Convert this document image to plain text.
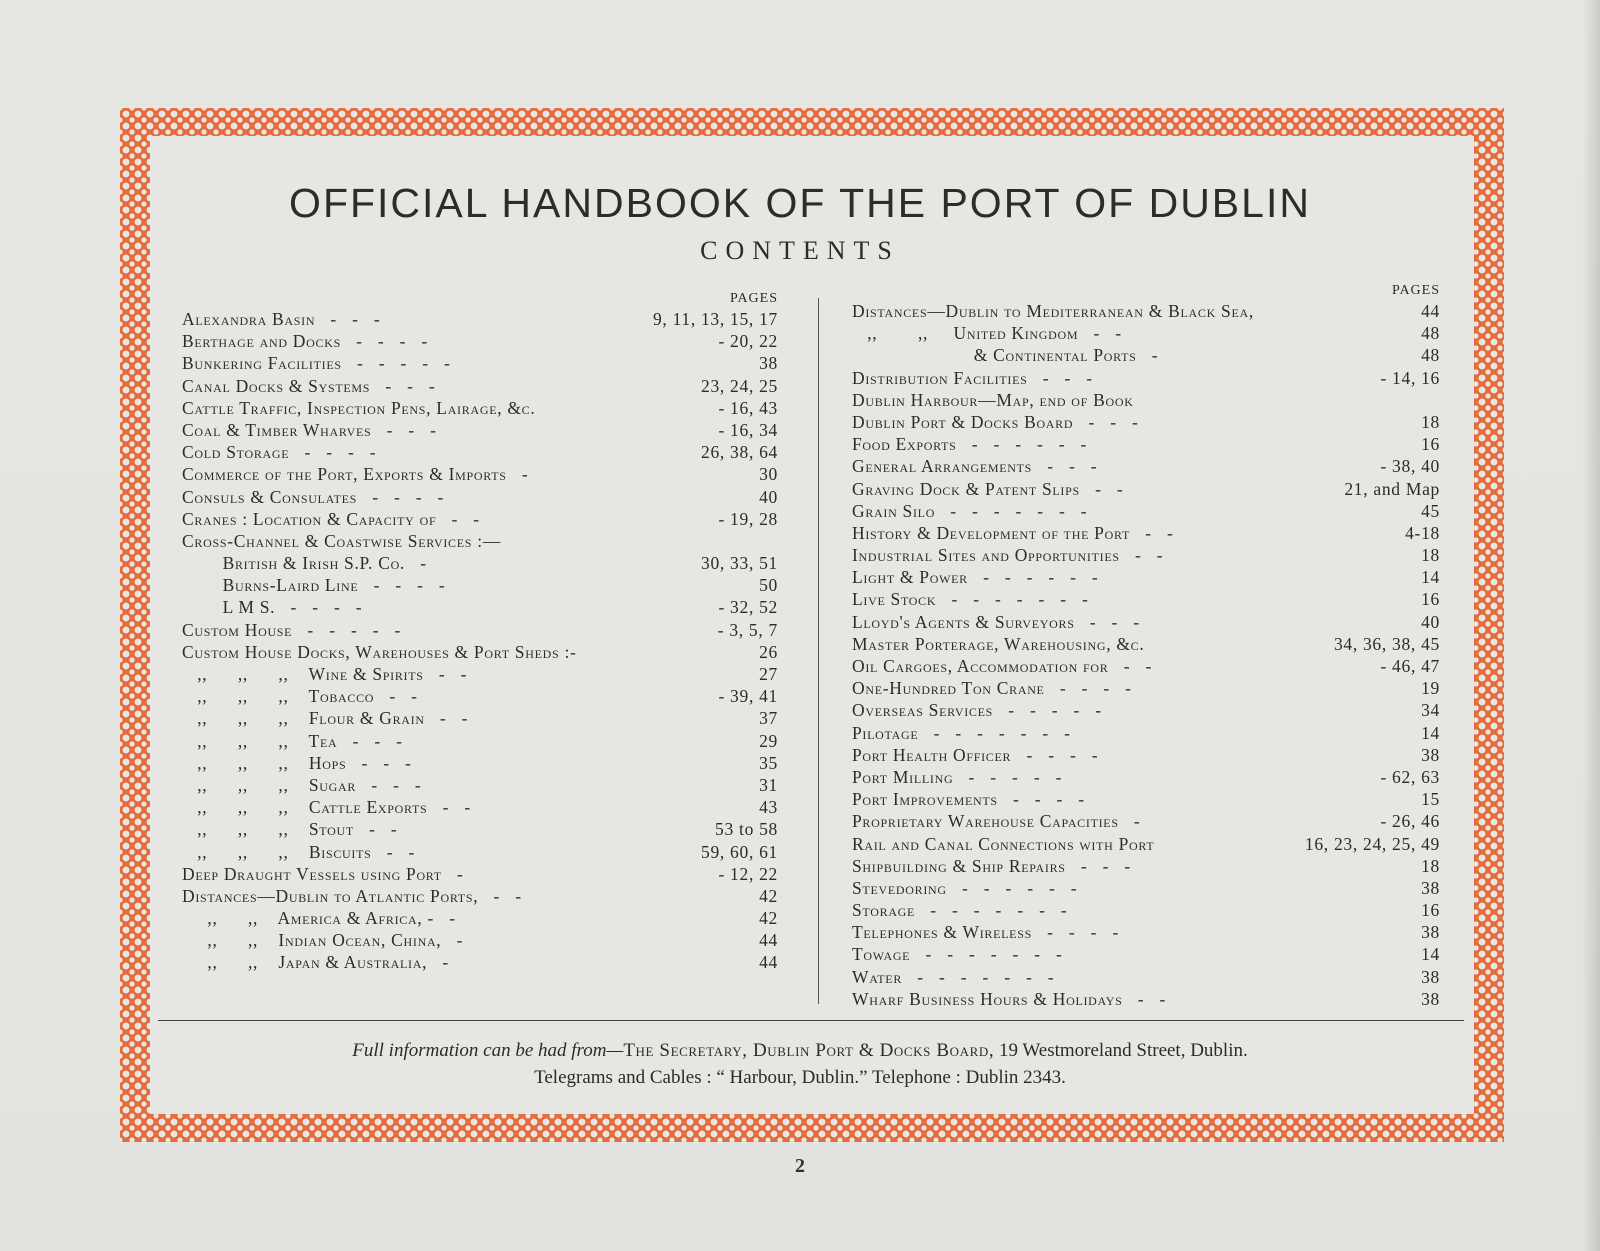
OFFICIAL HANDBOOK OF THE PORT OF DUBLIN
CONTENTS
PAGES
Alexandra Basin   -   -   -	9, 11, 13, 15, 17
Berthage and Docks   -   -   -   -	- 20, 22
Bunkering Facilities   -   -   -   -   -	38
Canal Docks & Systems   -   -   -	23, 24, 25
Cattle Traffic, Inspection Pens, Lairage, &c.	- 16, 43
Coal & Timber Wharves   -   -   -	- 16, 34
Cold Storage   -   -   -   -	26, 38, 64
Commerce of the Port, Exports & Imports   -	30
Consuls & Consulates   -   -   -   -	40
Cranes : Location & Capacity of   -   -	- 19, 28
Cross-Channel & Coastwise Services :—
British & Irish S.P. Co.   -	30, 33, 51
Burns-Laird Line   -   -   -   -	50
L M S.   -   -   -   -	- 32, 52
Custom House   -   -   -   -   -	- 3, 5, 7
Custom House Docks, Warehouses & Port Sheds :-	26
,,      ,,      ,,    Wine & Spirits   -   -	27
,,      ,,      ,,    Tobacco   -   -	- 39, 41
,,      ,,      ,,    Flour & Grain   -   -	37
,,      ,,      ,,    Tea   -   -   -	29
,,      ,,      ,,    Hops   -   -   -	35
,,      ,,      ,,    Sugar   -   -   -	31
,,      ,,      ,,    Cattle Exports   -   -	43
,,      ,,      ,,    Stout   -   -	53 to 58
,,      ,,      ,,    Biscuits   -   -	59, 60, 61
Deep Draught Vessels using Port   -	- 12, 22
Distances—Dublin to Atlantic Ports,   -   -	42
,,      ,,    America & Africa, -   -	42
,,      ,,    Indian Ocean, China,   -	44
,,      ,,    Japan & Australia,   -	44
PAGES
Distances—Dublin to Mediterranean & Black Sea,	44
,,        ,,     United Kingdom   -   -	48
& Continental Ports   -	48
Distribution Facilities   -   -   -	- 14, 16
Dublin Harbour—Map, end of Book
Dublin Port & Docks Board   -   -   -	18
Food Exports   -   -   -   -   -   -	16
General Arrangements   -   -   -	- 38, 40
Graving Dock & Patent Slips   -   -	21, and Map
Grain Silo   -   -   -   -   -   -   -	45
History & Development of the Port   -   -	4-18
Industrial Sites and Opportunities   -   -	18
Light & Power   -   -   -   -   -   -	14
Live Stock   -   -   -   -   -   -   -	16
Lloyd's Agents & Surveyors   -   -   -	40
Master Porterage, Warehousing, &c.	34, 36, 38, 45
Oil Cargoes, Accommodation for   -   -	- 46, 47
One-Hundred Ton Crane   -   -   -   -	19
Overseas Services   -   -   -   -   -	34
Pilotage   -   -   -   -   -   -   -	14
Port Health Officer   -   -   -   -	38
Port Milling   -   -   -   -   -	- 62, 63
Port Improvements   -   -   -   -	15
Proprietary Warehouse Capacities   -	- 26, 46
Rail and Canal Connections with Port	16, 23, 24, 25, 49
Shipbuilding & Ship Repairs   -   -   -	18
Stevedoring   -   -   -   -   -   -	38
Storage   -   -   -   -   -   -   -	16
Telephones & Wireless   -   -   -   -	38
Towage   -   -   -   -   -   -   -	14
Water   -   -   -   -   -   -   -	38
Wharf Business Hours & Holidays   -   -	38
Full information can be had from—The Secretary, Dublin Port & Docks Board, 19 Westmoreland Street, Dublin.
Telegrams and Cables : “ Harbour, Dublin.” Telephone : Dublin 2343.
2
